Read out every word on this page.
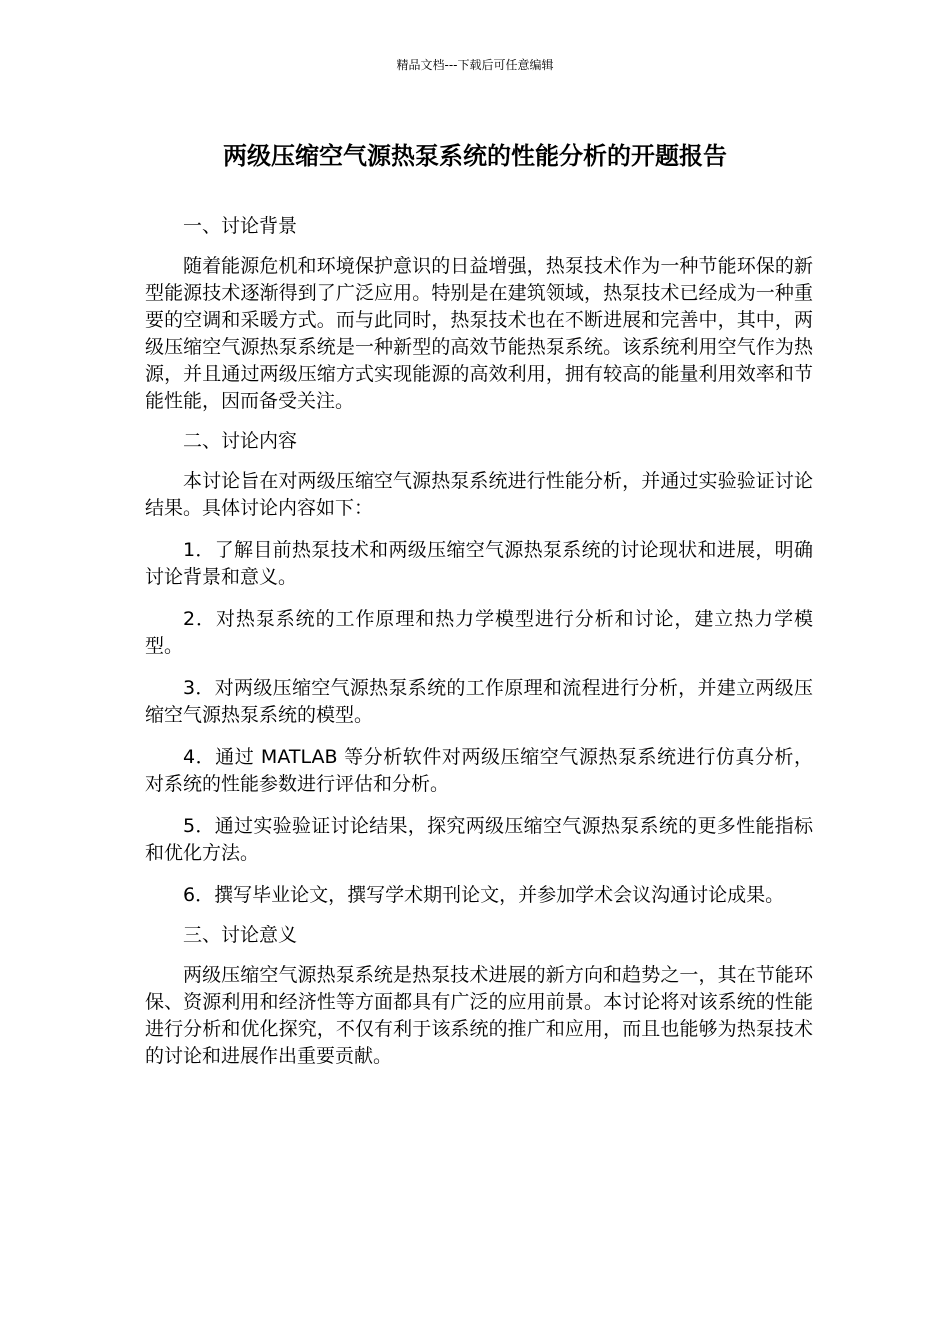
精品文档---下载后可任意编辑
两级压缩空气源热泵系统的性能分析的开题报告

一、讨论背景

随着能源危机和环境保护意识的日益增强，热泵技术作为一种节能环保的新型能源技术逐渐得到了广泛应用。特别是在建筑领域，热泵技术已经成为一种重要的空调和采暖方式。而与此同时，热泵技术也在不断进展和完善中，其中，两级压缩空气源热泵系统是一种新型的高效节能热泵系统。该系统利用空气作为热源，并且通过两级压缩方式实现能源的高效利用，拥有较高的能量利用效率和节能性能，因而备受关注。

二、讨论内容

本讨论旨在对两级压缩空气源热泵系统进行性能分析，并通过实验验证讨论结果。具体讨论内容如下：

1．了解目前热泵技术和两级压缩空气源热泵系统的讨论现状和进展，明确讨论背景和意义。

2．对热泵系统的工作原理和热力学模型进行分析和讨论，建立热力学模型。

3．对两级压缩空气源热泵系统的工作原理和流程进行分析，并建立两级压缩空气源热泵系统的模型。

4．通过 MATLAB 等分析软件对两级压缩空气源热泵系统进行仿真分析，对系统的性能参数进行评估和分析。

5．通过实验验证讨论结果，探究两级压缩空气源热泵系统的更多性能指标和优化方法。

6．撰写毕业论文，撰写学术期刊论文，并参加学术会议沟通讨论成果。

三、讨论意义

两级压缩空气源热泵系统是热泵技术进展的新方向和趋势之一，其在节能环保、资源利用和经济性等方面都具有广泛的应用前景。本讨论将对该系统的性能进行分析和优化探究，不仅有利于该系统的推广和应用，而且也能够为热泵技术的讨论和进展作出重要贡献。
